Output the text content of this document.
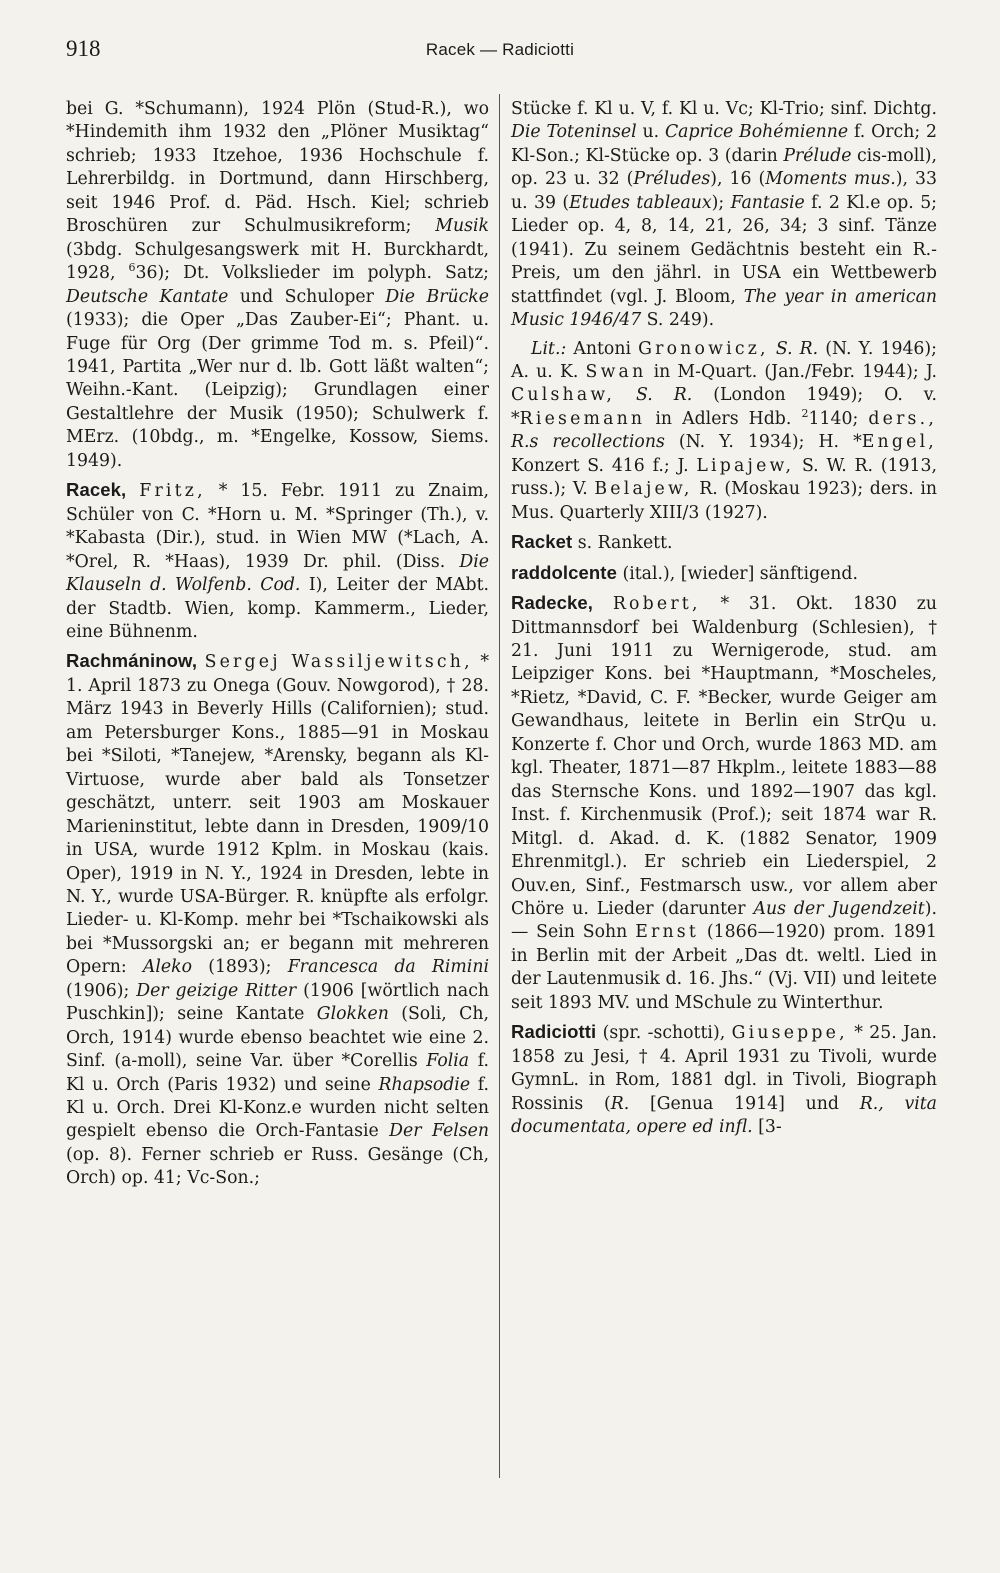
918	Racek — Radiciotti

bei G. *Schumann), 1924 Plön (Stud-R.), wo *Hindemith ihm 1932 den „Plöner Musiktag“ schrieb; 1933 Itzehoe, 1936 Hochschule f. Lehrerbildg. in Dortmund, dann Hirschberg, seit 1946 Prof. d. Päd. Hsch. Kiel; schrieb Broschüren zur Schulmusikreform; Musik (3bdg. Schulgesangswerk mit H. Burckhardt, 1928, $^6$36); Dt. Volkslieder im polyph. Satz; Deutsche Kantate und Schuloper Die Brücke (1933); die Oper „Das Zauber-Ei“; Phant. u. Fuge für Org (Der grimme Tod m. s. Pfeil)“. 1941, Partita „Wer nur d. lb. Gott läßt walten“; Weihn.-Kant. (Leipzig); Grundlagen einer Gestaltlehre der Musik (1950); Schulwerk f. MErz. (10bdg., m. *Engelke, Kossow, Siems. 1949).

Racek, Fritz, * 15. Febr. 1911 zu Znaim, Schüler von C. *Horn u. M. *Springer (Th.), v. *Kabasta (Dir.), stud. in Wien MW (*Lach, A. *Orel, R. *Haas), 1939 Dr. phil. (Diss. Die Klauseln d. Wolfenb. Cod. I), Leiter der MAbt. der Stadtb. Wien, komp. Kammerm., Lieder, eine Bühnenm.

Rachmáninow, Sergej Wassiljewitsch, * 1. April 1873 zu Onega (Gouv. Nowgorod), † 28. März 1943 in Beverly Hills (Californien); stud. am Petersburger Kons., 1885—91 in Moskau bei *Siloti, *Tanejew, *Arensky, begann als Kl-Virtuose, wurde aber bald als Tonsetzer geschätzt, unterr. seit 1903 am Moskauer Marieninstitut, lebte dann in Dresden, 1909/10 in USA, wurde 1912 Kplm. in Moskau (kais. Oper), 1919 in N. Y., 1924 in Dresden, lebte in N. Y., wurde USA-Bürger. R. knüpfte als erfolgr. Lieder- u. Kl-Komp. mehr bei *Tschaikowski als bei *Mussorgski an; er begann mit mehreren Opern: Aleko (1893); Francesca da Rimini (1906); Der geizige Ritter (1906 [wörtlich nach Puschkin]); seine Kantate Glokken (Soli, Ch, Orch, 1914) wurde ebenso beachtet wie eine 2. Sinf. (a-moll), seine Var. über *Corellis Folia f. Kl u. Orch (Paris 1932) und seine Rhapsodie f. Kl u. Orch. Drei Kl-Konz.e wurden nicht selten gespielt ebenso die Orch-Fantasie Der Felsen (op. 8). Ferner schrieb er Russ. Gesänge (Ch, Orch) op. 41; Vc-Son.;

Stücke f. Kl u. V, f. Kl u. Vc; Kl-Trio; sinf. Dichtg. Die Toteninsel u. Caprice Bohémienne f. Orch; 2 Kl-Son.; Kl-Stücke op. 3 (darin Prélude cis-moll), op. 23 u. 32 (Préludes), 16 (Moments mus.), 33 u. 39 (Etudes tableaux); Fantasie f. 2 Kl.e op. 5; Lieder op. 4, 8, 14, 21, 26, 34; 3 sinf. Tänze (1941). Zu seinem Gedächtnis besteht ein R.-Preis, um den jährl. in USA ein Wettbewerb stattfindet (vgl. J. Bloom, The year in american Music 1946/47 S. 249).

Lit.: Antoni Gronowicz, S. R. (N. Y. 1946); A. u. K. Swan in M-Quart. (Jan./Febr. 1944); J. Culshaw, S. R. (London 1949); O. v. *Riesemann in Adlers Hdb. $^2$1140; ders., R.s recollections (N. Y. 1934); H. *Engel, Konzert S. 416 f.; J. Lipajew, S. W. R. (1913, russ.); V. Belajew, R. (Moskau 1923); ders. in Mus. Quarterly XIII/3 (1927).

Racket s. Rankett.

raddolcente (ital.), [wieder] sänftigend.

Radecke, Robert, * 31. Okt. 1830 zu Dittmannsdorf bei Waldenburg (Schlesien), † 21. Juni 1911 zu Wernigerode, stud. am Leipziger Kons. bei *Hauptmann, *Moscheles, *Rietz, *David, C. F. *Becker, wurde Geiger am Gewandhaus, leitete in Berlin ein StrQu u. Konzerte f. Chor und Orch, wurde 1863 MD. am kgl. Theater, 1871—87 Hkplm., leitete 1883—88 das Sternsche Kons. und 1892—1907 das kgl. Inst. f. Kirchenmusik (Prof.); seit 1874 war R. Mitgl. d. Akad. d. K. (1882 Senator, 1909 Ehrenmitgl.). Er schrieb ein Liederspiel, 2 Ouv.en, Sinf., Festmarsch usw., vor allem aber Chöre u. Lieder (darunter Aus der Jugendzeit). — Sein Sohn Ernst (1866—1920) prom. 1891 in Berlin mit der Arbeit „Das dt. weltl. Lied in der Lautenmusik d. 16. Jhs.“ (Vj. VII) und leitete seit 1893 MV. und MSchule zu Winterthur.

Radiciotti (spr. -schotti), Giuseppe, * 25. Jan. 1858 zu Jesi, † 4. April 1931 zu Tivoli, wurde GymnL. in Rom, 1881 dgl. in Tivoli, Biograph Rossinis (R. [Genua 1914] und R., vita documentata, opere ed infl. [3-
